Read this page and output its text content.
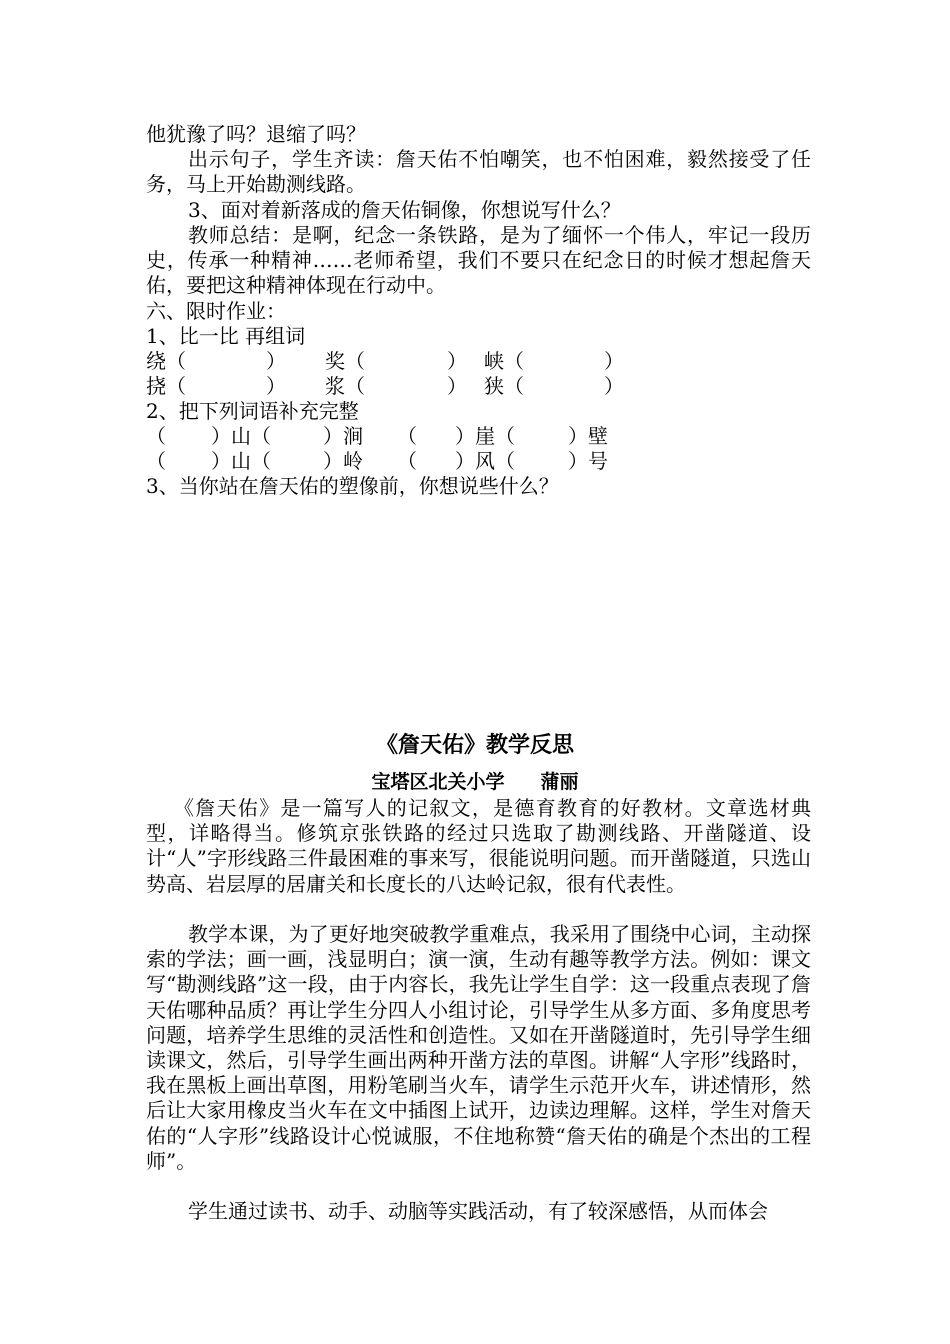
他犹豫了吗？退缩了吗？
出示句子，学生齐读：詹天佑不怕嘲笑，也不怕困难，毅然接受了任务，马上开始勘测线路。
3、面对着新落成的詹天佑铜像，你想说写什么？
教师总结：是啊，纪念一条铁路，是为了缅怀一个伟人，牢记一段历史，传承一种精神……老师希望，我们不要只在纪念日的时候才想起詹天佑，要把这种精神体现在行动中。
六、限时作业：
1、比一比 再组词
绕（	） 奖（	） 峡（	）
挠（	） 浆（	） 狭（	）
2、把下列词语补充完整
（ ）山（	）涧 （ ）崖（	）壁
（ ）山（	）岭 （ ）风（	）号
3、当你站在詹天佑的塑像前，你想说些什么？
《詹天佑》教学反思
宝塔区北关小学 蒲丽
《詹天佑》是一篇写人的记叙文，是德育教育的好教材。文章选材典型，详略得当。修筑京张铁路的经过只选取了勘测线路、开凿隧道、设计“人”字形线路三件最困难的事来写，很能说明问题。而开凿隧道，只选山势高、岩层厚的居庸关和长度长的八达岭记叙，很有代表性。
教学本课，为了更好地突破教学重难点，我采用了围绕中心词，主动探索的学法；画一画，浅显明白；演一演，生动有趣等教学方法。例如：课文写“勘测线路”这一段，由于内容长，我先让学生自学：这一段重点表现了詹天佑哪种品质？再让学生分四人小组讨论，引导学生从多方面、多角度思考问题，培养学生思维的灵活性和创造性。又如在开凿隧道时，先引导学生细读课文，然后，引导学生画出两种开凿方法的草图。讲解“人字形”线路时，我在黑板上画出草图，用粉笔刷当火车，请学生示范开火车，讲述情形，然后让大家用橡皮当火车在文中插图上试开，边读边理解。这样，学生对詹天佑的“人字形”线路设计心悦诚服，不住地称赞“詹天佑的确是个杰出的工程师”。
学生通过读书、动手、动脑等实践活动，有了较深感悟，从而体会
